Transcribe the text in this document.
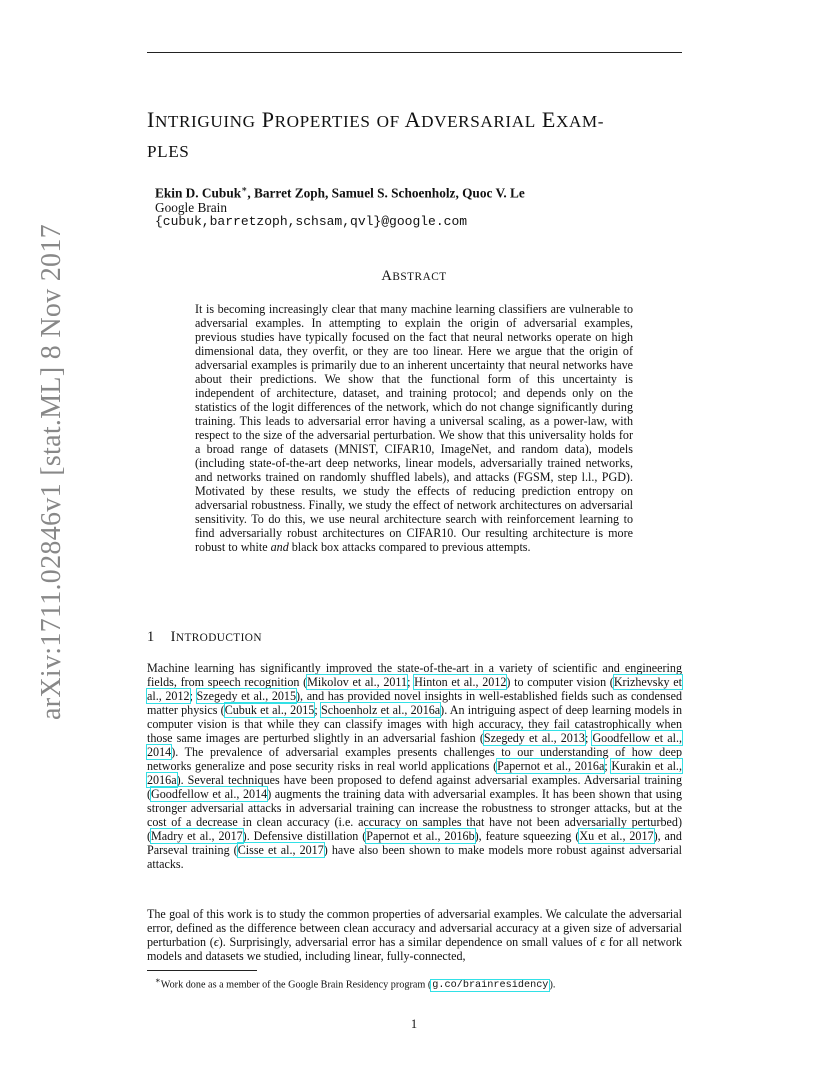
arXiv:1711.02846v1 [stat.ML] 8 Nov 2017
INTRIGUING PROPERTIES OF ADVERSARIAL EXAM-
PLES
Ekin D. Cubuk∗, Barret Zoph, Samuel S. Schoenholz, Quoc V. Le
Google Brain
{cubuk,barretzoph,schsam,qvl}@google.com
ABSTRACT
It is becoming increasingly clear that many machine learning classifiers are vulnerable to adversarial examples. In attempting to explain the origin of adversarial examples, previous studies have typically focused on the fact that neural networks operate on high dimensional data, they overfit, or they are too linear. Here we argue that the origin of adversarial examples is primarily due to an inherent uncertainty that neural networks have about their predictions. We show that the functional form of this uncertainty is independent of architecture, dataset, and training protocol; and depends only on the statistics of the logit differences of the network, which do not change significantly during training. This leads to adversarial error having a universal scaling, as a power-law, with respect to the size of the adversarial perturbation. We show that this universality holds for a broad range of datasets (MNIST, CIFAR10, ImageNet, and random data), models (including state-of-the-art deep networks, linear models, adversarially trained networks, and networks trained on randomly shuffled labels), and attacks (FGSM, step l.l., PGD). Motivated by these results, we study the effects of reducing prediction entropy on adversarial robustness. Finally, we study the effect of network architectures on adversarial sensitivity. To do this, we use neural architecture search with reinforcement learning to find adversarially robust architectures on CIFAR10. Our resulting architecture is more robust to white and black box attacks compared to previous attempts.
1 INTRODUCTION

Machine learning has significantly improved the state-of-the-art in a variety of scientific and engineering fields, from speech recognition (Mikolov et al., 2011; Hinton et al., 2012) to computer vision (Krizhevsky et al., 2012; Szegedy et al., 2015), and has provided novel insights in well-established fields such as condensed matter physics (Cubuk et al., 2015; Schoenholz et al., 2016a). An intriguing aspect of deep learning models in computer vision is that while they can classify images with high accuracy, they fail catastrophically when those same images are perturbed slightly in an adversarial fashion (Szegedy et al., 2013; Goodfellow et al., 2014). The prevalence of adversarial examples presents challenges to our understanding of how deep networks generalize and pose security risks in real world applications (Papernot et al., 2016a; Kurakin et al., 2016a). Several techniques have been proposed to defend against adversarial examples. Adversarial training (Goodfellow et al., 2014) augments the training data with adversarial examples. It has been shown that using stronger adversarial attacks in adversarial training can increase the robustness to stronger attacks, but at the cost of a decrease in clean accuracy (i.e. accuracy on samples that have not been adversarially perturbed) (Madry et al., 2017). Defensive distillation (Papernot et al., 2016b), feature squeezing (Xu et al., 2017), and Parseval training (Cisse et al., 2017) have also been shown to make models more robust against adversarial attacks.

The goal of this work is to study the common properties of adversarial examples. We calculate the adversarial error, defined as the difference between clean accuracy and adversarial accuracy at a given size of adversarial perturbation (ϵ). Surprisingly, adversarial error has a similar dependence on small values of ϵ for all network models and datasets we studied, including linear, fully-connected,

∗Work done as a member of the Google Brain Residency program (g.co/brainresidency).
1
